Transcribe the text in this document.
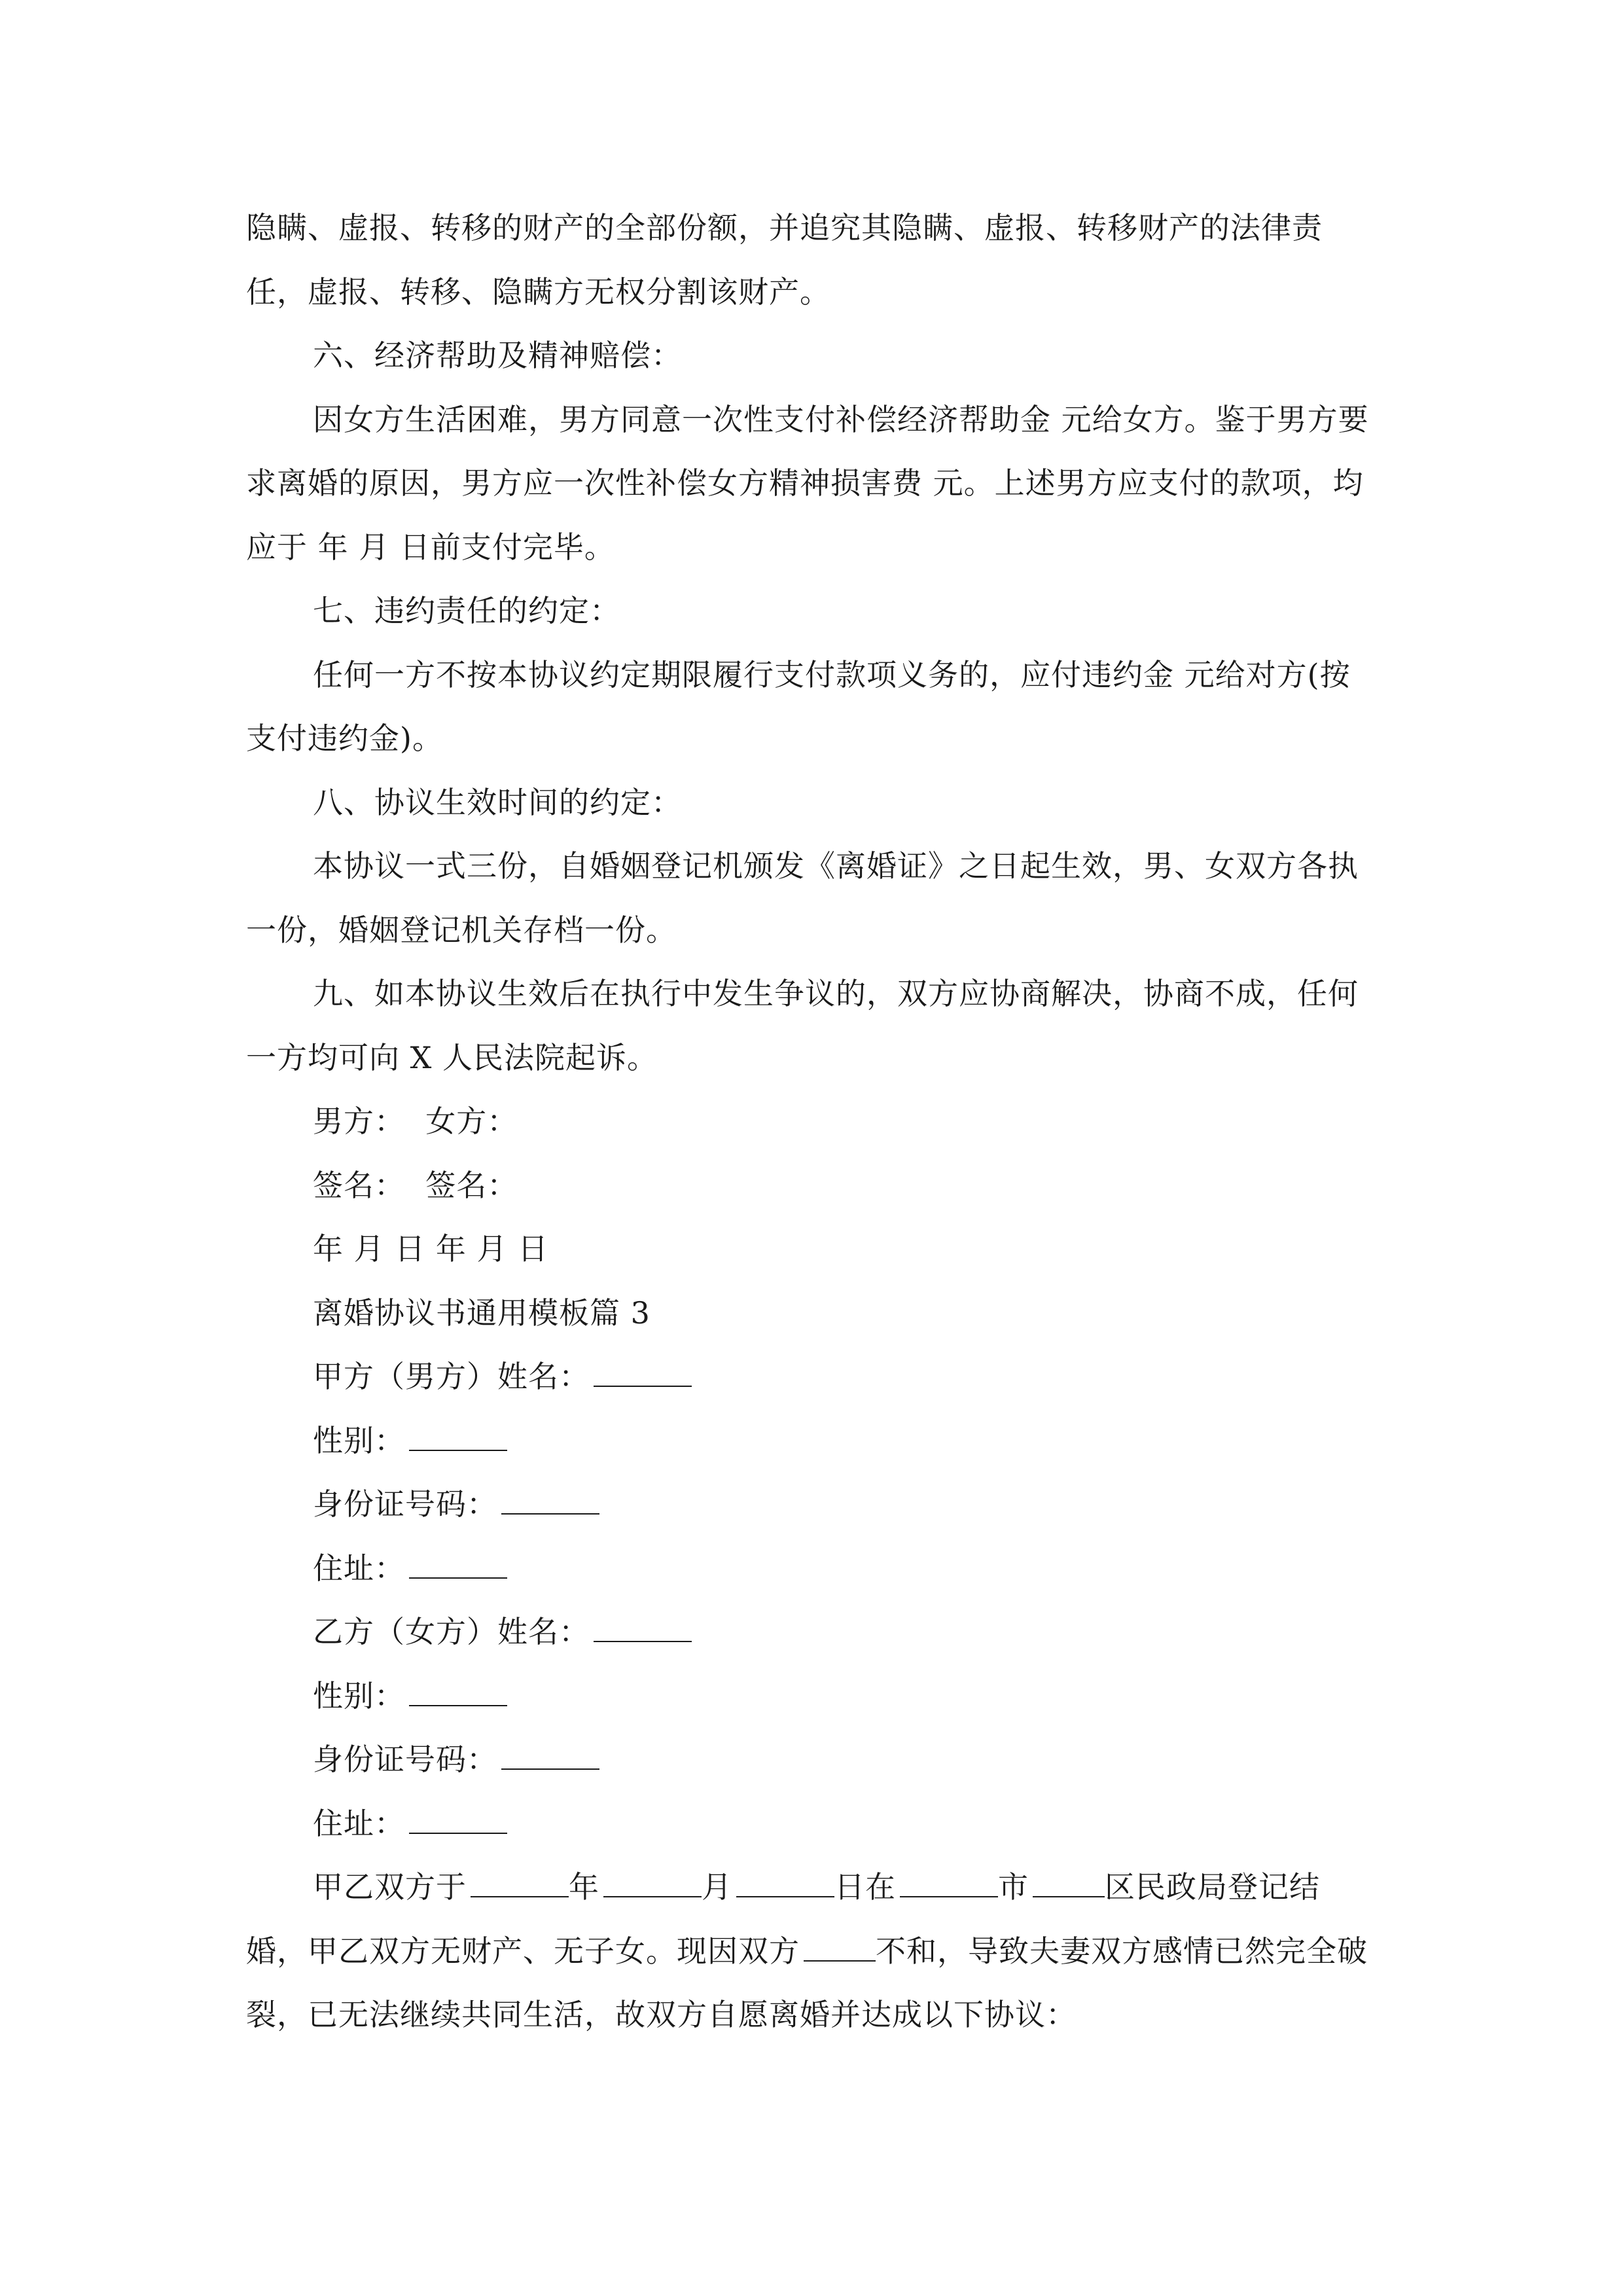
隐瞒、虚报、转移的财产的全部份额，并追究其隐瞒、虚报、转移财产的法律责任，虚报、转移、隐瞒方无权分割该财产。

六、经济帮助及精神赔偿：

因女方生活困难，男方同意一次性支付补偿经济帮助金 元给女方。鉴于男方要求离婚的原因，男方应一次性补偿女方精神损害费 元。上述男方应支付的款项，均应于 年 月 日前支付完毕。

七、违约责任的约定：

任何一方不按本协议约定期限履行支付款项义务的，应付违约金 元给对方(按 支付违约金)。

八、协议生效时间的约定：

本协议一式三份，自婚姻登记机颁发《离婚证》之日起生效，男、女双方各执一份，婚姻登记机关存档一份。

九、如本协议生效后在执行中发生争议的，双方应协商解决，协商不成，任何一方均可向 X 人民法院起诉。

男方：  女方：

签名：  签名：

年 月 日 年 月 日

离婚协议书通用模板篇 3

甲方（男方）姓名：

性别：

身份证号码：

住址：

乙方（女方）姓名：

性别：

身份证号码：

住址：

甲乙双方于	年	月	日在	市	区民政局登记结婚，甲乙双方无财产、无子女。现因双方	不和，导致夫妻双方感情已然完全破裂，已无法继续共同生活，故双方自愿离婚并达成以下协议：
